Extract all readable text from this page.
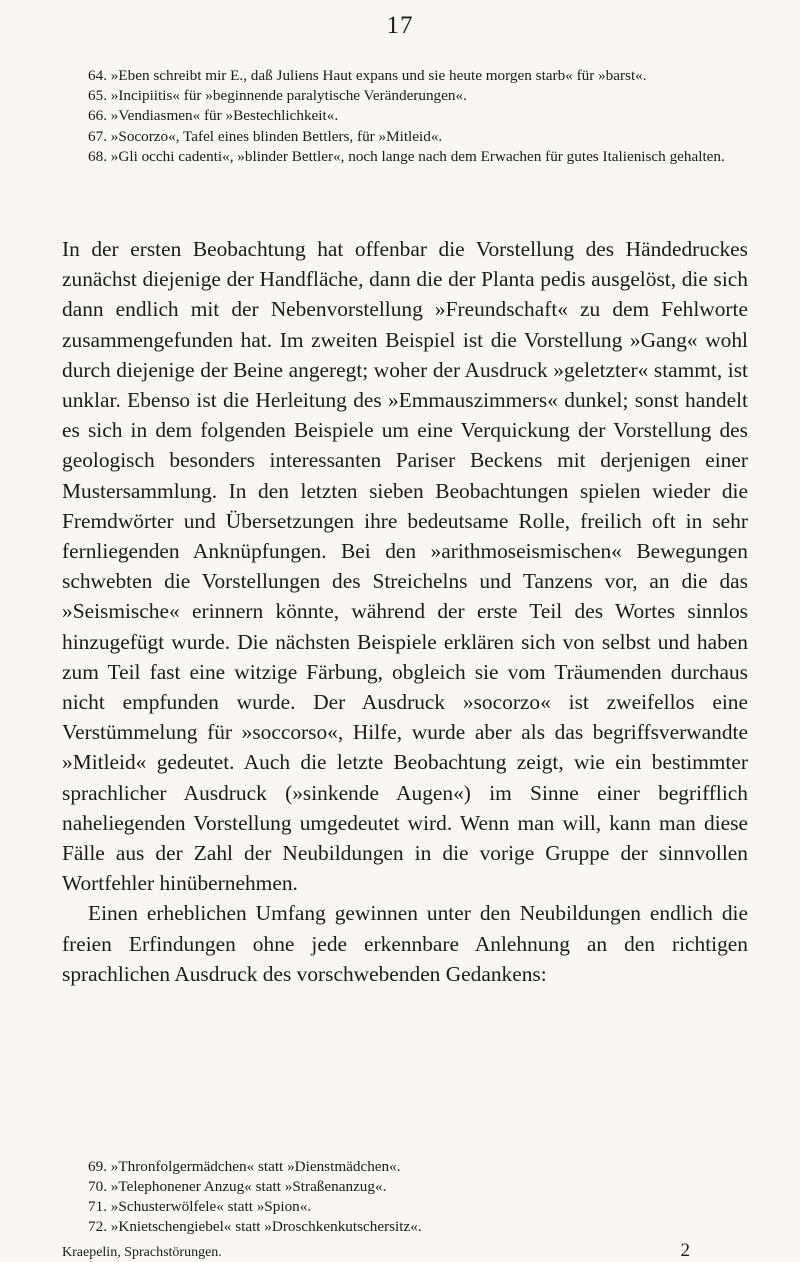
17

64. »Eben schreibt mir E., daß Juliens Haut expans und sie heute morgen starb« für »barst«.

65. »Incipiitis« für »beginnende paralytische Veränderungen«.

66. »Vendiasmen« für »Bestechlichkeit«.

67. »Socorzo«, Tafel eines blinden Bettlers, für »Mitleid«.

68. »Gli occhi cadenti«, »blinder Bettler«, noch lange nach dem Erwachen für gutes Italienisch gehalten.

In der ersten Beobachtung hat offenbar die Vorstellung des Händedruckes zunächst diejenige der Handfläche, dann die der Planta pedis ausgelöst, die sich dann endlich mit der Nebenvorstellung »Freundschaft« zu dem Fehlworte zusammengefunden hat. Im zweiten Beispiel ist die Vorstellung »Gang« wohl durch diejenige der Beine angeregt; woher der Ausdruck »geletzter« stammt, ist unklar. Ebenso ist die Herleitung des »Emmauszimmers« dunkel; sonst handelt es sich in dem folgenden Beispiele um eine Verquickung der Vorstellung des geologisch besonders interessanten Pariser Beckens mit derjenigen einer Mustersammlung. In den letzten sieben Beobachtungen spielen wieder die Fremdwörter und Übersetzungen ihre bedeutsame Rolle, freilich oft in sehr fernliegenden Anknüpfungen. Bei den »arithmoseismischen« Bewegungen schwebten die Vorstellungen des Streichelns und Tanzens vor, an die das »Seismische« erinnern könnte, während der erste Teil des Wortes sinnlos hinzugefügt wurde. Die nächsten Beispiele erklären sich von selbst und haben zum Teil fast eine witzige Färbung, obgleich sie vom Träumenden durchaus nicht empfunden wurde. Der Ausdruck »socorzo« ist zweifellos eine Verstümmelung für »soccorso«, Hilfe, wurde aber als das begriffsverwandte »Mitleid« gedeutet. Auch die letzte Beobachtung zeigt, wie ein bestimmter sprachlicher Ausdruck (»sinkende Augen«) im Sinne einer begrifflich naheliegenden Vorstellung umgedeutet wird. Wenn man will, kann man diese Fälle aus der Zahl der Neubildungen in die vorige Gruppe der sinnvollen Wortfehler hinübernehmen.

Einen erheblichen Umfang gewinnen unter den Neubildungen endlich die freien Erfindungen ohne jede erkennbare Anlehnung an den richtigen sprachlichen Ausdruck des vorschwebenden Gedankens:

69. »Thronfolgermädchen« statt »Dienstmädchen«.

70. »Telephonener Anzug« statt »Straßenanzug«.

71. »Schusterwölfele« statt »Spion«.

72. »Knietschengiebel« statt »Droschkenkutschersitz«.

Kraepelin, Sprachstörungen.	2
